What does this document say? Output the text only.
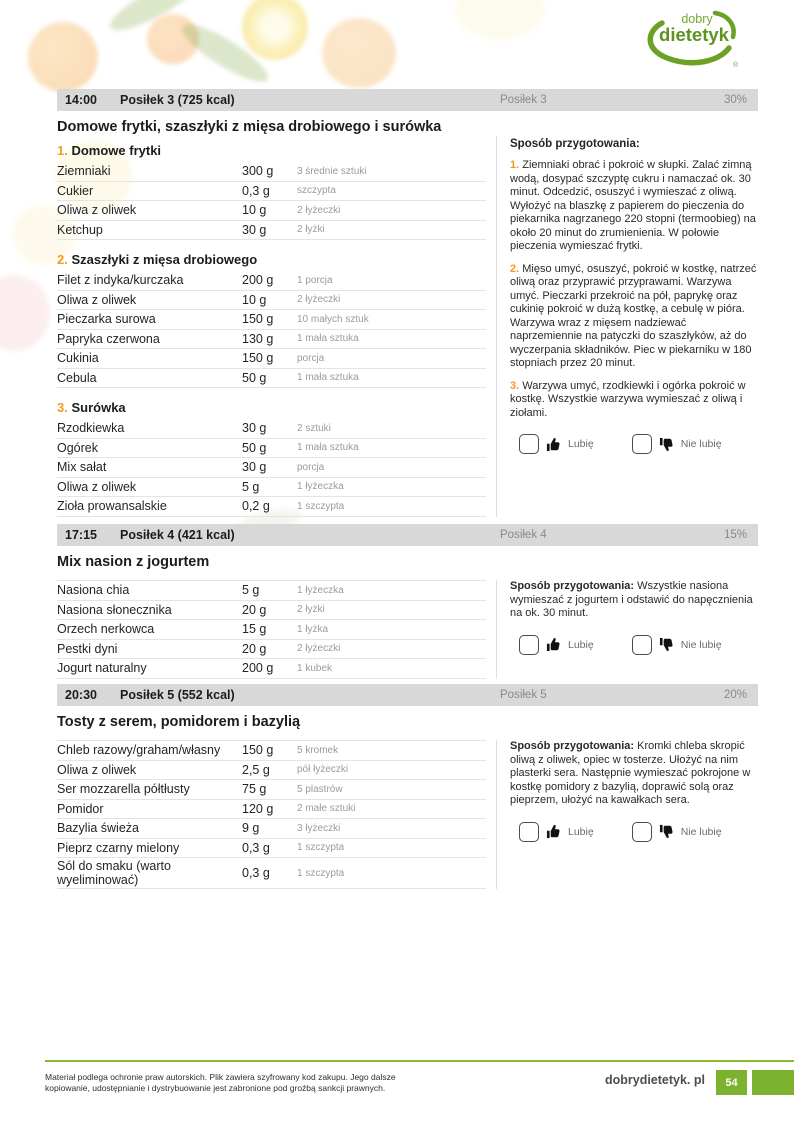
dobry
dietetyk
®
14:00	Posiłek 3 (725 kcal)	Posiłek 3	30%
Domowe frytki, szaszłyki z mięsa drobiowego i surówka
1. Domowe frytki
Ziemniaki	300 g	3 średnie sztuki
Cukier	0,3 g	szczypta
Oliwa z oliwek	10 g	2 łyżeczki
Ketchup	30 g	2 łyżki
2. Szaszłyki z mięsa drobiowego
Filet z indyka/kurczaka	200 g	1 porcja
Oliwa z oliwek	10 g	2 łyżeczki
Pieczarka surowa	150 g	10 małych sztuk
Papryka czerwona	130 g	1 mała sztuka
Cukinia	150 g	porcja
Cebula	50 g	1 mała sztuka
3. Surówka
Rzodkiewka	30 g	2 sztuki
Ogórek	50 g	1 mała sztuka
Mix sałat	30 g	porcja
Oliwa z oliwek	5 g	1 łyżeczka
Zioła prowansalskie	0,2 g	1 szczypta

Sposób przygotowania:

1. Ziemniaki obrać i pokroić w słupki. Zalać zimną wodą, dosypać szczyptę cukru i namaczać ok. 30 minut. Odcedzić, osuszyć i wymieszać z oliwą. Wyłożyć na blaszkę z papierem do pieczenia do piekarnika nagrzanego 220 stopni (termoobieg) na około 20 minut do zrumienienia. W połowie pieczenia wymieszać frytki.

2. Mięso umyć, osuszyć, pokroić w kostkę, natrzeć oliwą oraz przyprawić przyprawami. Warzywa umyć. Pieczarki przekroić na pół, paprykę oraz cukinię pokroić w dużą kostkę, a cebulę w pióra. Warzywa wraz z mięsem nadziewać naprzemiennie na patyczki do szaszłyków, aż do wyczerpania składników. Piec w piekarniku w 180 stopniach przez 20 minut.

3. Warzywa umyć, rzodkiewki i ogórka pokroić w kostkę. Wszystkie warzywa wymieszać z oliwą i ziołami.

Lubię	Nie lubię
17:15	Posiłek 4 (421 kcal)	Posiłek 4	15%
Mix nasion z jogurtem
Nasiona chia	5 g	1 łyżeczka
Nasiona słonecznika	20 g	2 łyżki
Orzech nerkowca	15 g	1 łyżka
Pestki dyni	20 g	2 łyżeczki
Jogurt naturalny	200 g	1 kubek

Sposób przygotowania: Wszystkie nasiona wymieszać z jogurtem i odstawić do napęcznienia na ok. 30 minut.

Lubię	Nie lubię
20:30	Posiłek 5 (552 kcal)	Posiłek 5	20%
Tosty z serem, pomidorem i bazylią
Chleb razowy/graham/własny	150 g	5 kromek
Oliwa z oliwek	2,5 g	pół łyżeczki
Ser mozzarella półtłusty	75 g	5 plastrów
Pomidor	120 g	2 małe sztuki
Bazylia świeża	9 g	3 łyżeczki
Pieprz czarny mielony	0,3 g	1 szczypta
Sól do smaku (warto wyeliminować)	0,3 g	1 szczypta

Sposób przygotowania: Kromki chleba skropić oliwą z oliwek, opiec w tosterze. Ułożyć na nim plasterki sera. Następnie wymieszać pokrojone w kostkę pomidory z bazylią, doprawić solą oraz pieprzem, ułożyć na kawałkach sera.

Lubię	Nie lubię
Materiał podlega ochronie praw autorskich. Plik zawiera szyfrowany kod zakupu. Jego dalsze
kopiowanie, udostępnianie i dystrybuowanie jest zabronione pod groźbą sankcji prawnych.
dobrydietetyk. pl	54
